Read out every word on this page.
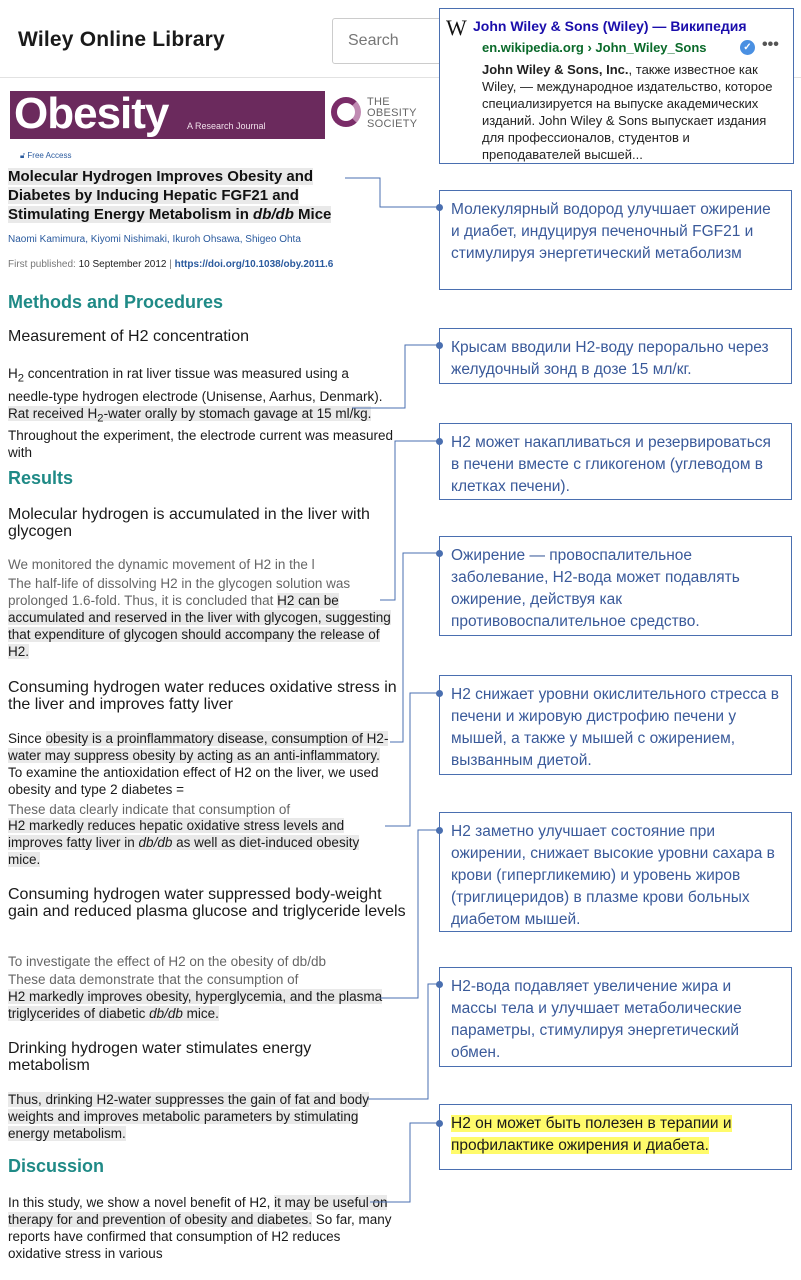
Wiley Online Library
Search
Obesity A Research Journal
THE
OBESITY
SOCIETY
🔓︎ Free Access
Molecular Hydrogen Improves Obesity and Diabetes by Inducing Hepatic FGF21 and Stimulating Energy Metabolism in db/db Mice
Naomi Kamimura, Kiyomi Nishimaki, Ikuroh Ohsawa, Shigeo Ohta
First published: 10 September 2012 | https://doi.org/10.1038/oby.2011.6
Methods and Procedures
Measurement of H2 concentration
$H_2$ concentration in rat liver tissue was measured using a needle-type hydrogen electrode (Unisense, Aarhus, Denmark). Rat received $H_2$-water orally by stomach gavage at 15 ml/kg. Throughout the experiment, the electrode current was measured with
Results
Molecular hydrogen is accumulated in the liver with glycogen
We monitored the dynamic movement of H2 in the l
The half-life of dissolving H2 in the glycogen solution was prolonged 1.6-fold. Thus, it is concluded that H2 can be accumulated and reserved in the liver with glycogen, suggesting that expenditure of glycogen should accompany the release of H2.
Consuming hydrogen water reduces oxidative stress in the liver and improves fatty liver
Since obesity is a proinflammatory disease, consumption of H2-water may suppress obesity by acting as an anti-inflammatory. To examine the antioxidation effect of H2 on the liver, we used obesity and type 2 diabetes =
These data clearly indicate that consumption of
H2 markedly reduces hepatic oxidative stress levels and improves fatty liver in db/db as well as diet-induced obesity mice.
Consuming hydrogen water suppressed body-weight gain and reduced plasma glucose and triglyceride levels
To investigate the effect of H2 on the obesity of db/db
These data demonstrate that the consumption of
H2 markedly improves obesity, hyperglycemia, and the plasma triglycerides of diabetic db/db mice.
Drinking hydrogen water stimulates energy metabolism
Thus, drinking H2-water suppresses the gain of fat and body weights and improves metabolic parameters by stimulating energy metabolism.
Discussion
In this study, we show a novel benefit of H2, it may be useful on therapy for and prevention of obesity and diabetes. So far, many reports have confirmed that consumption of H2 reduces oxidative stress in various
W John Wiley & Sons (Wiley) — Википедия
en.wikipedia.org › John_Wiley_Sons	✓ •••
John Wiley & Sons, Inc., также известное как Wiley, — международное издательство, которое специализируется на выпуске академических изданий. John Wiley & Sons выпускает издания для профессионалов, студентов и преподавателей высшей...
Молекулярный водород улучшает ожирение и диабет, индуцируя печеночный FGF21 и стимулируя энергетический метаболизм
Крысам вводили H2-воду перорально через желудочный зонд в дозе 15 мл/кг.
H2 может накапливаться и резервироваться в печени вместе с гликогеном (углеводом в клетках печени).
Ожирение — провоспалительное заболевание, H2-вода может подавлять ожирение, действуя как противовоспалительное средство.
H2 снижает уровни окислительного стресса в печени и жировую дистрофию печени у мышей, а также у мышей с ожирением, вызванным диетой.
H2 заметно улучшает состояние при ожирении, снижает высокие уровни сахара в крови (гипергликемию) и уровень жиров (триглицеридов) в плазме крови больных диабетом мышей.
H2-вода подавляет увеличение жира и массы тела и улучшает метаболические параметры, стимулируя энергетический обмен.
H2 он может быть полезен в терапии и профилактике ожирения и диабета.
